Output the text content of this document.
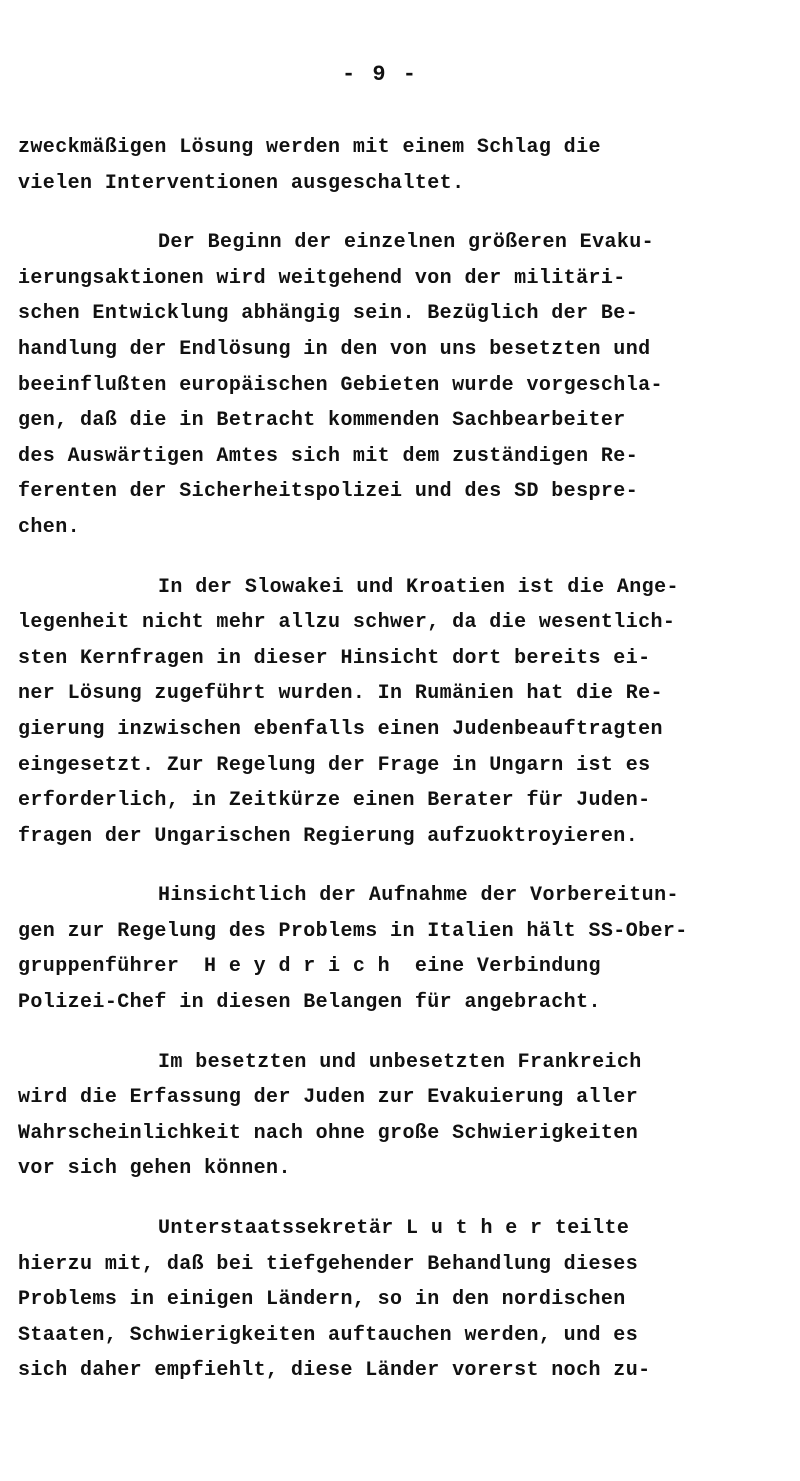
- 9 -
zweckmäßigen Lösung werden mit einem Schlag die
vielen Interventionen ausgeschaltet.
Der Beginn der einzelnen größeren Evaku-
ierungsaktionen wird weitgehend von der militäri-
schen Entwicklung abhängig sein. Bezüglich der Be-
handlung der Endlösung in den von uns besetzten und
beeinflußten europäischen Gebieten wurde vorgeschla-
gen, daß die in Betracht kommenden Sachbearbeiter
des Auswärtigen Amtes sich mit dem zuständigen Re-
ferenten der Sicherheitspolizei und des SD bespre-
chen.
In der Slowakei und Kroatien ist die Ange-
legenheit nicht mehr allzu schwer, da die wesentlich-
sten Kernfragen in dieser Hinsicht dort bereits ei-
ner Lösung zugeführt wurden. In Rumänien hat die Re-
gierung inzwischen ebenfalls einen Judenbeauftragten
eingesetzt. Zur Regelung der Frage in Ungarn ist es
erforderlich, in Zeitkürze einen Berater für Juden-
fragen der Ungarischen Regierung aufzuoktroyieren.
Hinsichtlich der Aufnahme der Vorbereitun-
gen zur Regelung des Problems in Italien hält SS-Ober-
gruppenführer  H e y d r i c h  eine Verbindung
Polizei-Chef in diesen Belangen für angebracht.
Im besetzten und unbesetzten Frankreich
wird die Erfassung der Juden zur Evakuierung aller
Wahrscheinlichkeit nach ohne große Schwierigkeiten
vor sich gehen können.
Unterstaatssekretär L u t h e r teilte
hierzu mit, daß bei tiefgehender Behandlung dieses
Problems in einigen Ländern, so in den nordischen
Staaten, Schwierigkeiten auftauchen werden, und es
sich daher empfiehlt, diese Länder vorerst noch zu-
